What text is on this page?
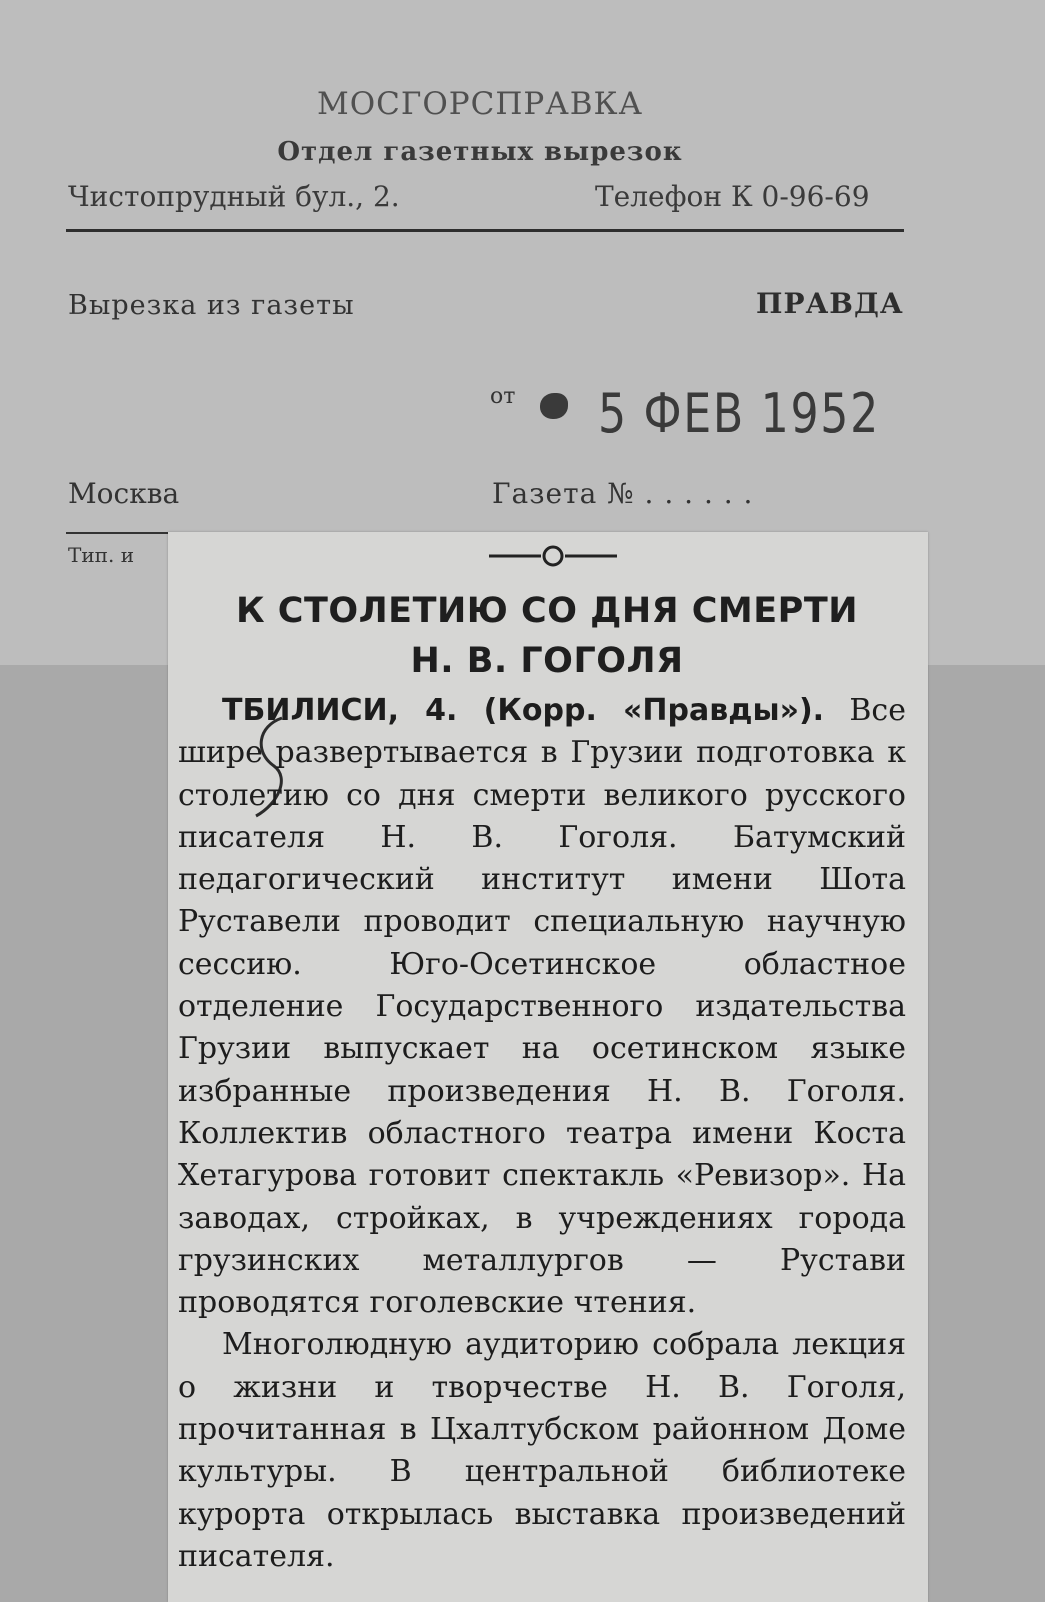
МОСГОРСПРАВКА
Отдел газетных вырезок
Чистопрудный бул., 2.	Телефон К 0-96-69
Вырезка из газеты	ПРАВДА
от 5 ФЕВ 1952
Москва	Газета № . . . . . .
Тип. и
К СТОЛЕТИЮ СО ДНЯ СМЕРТИ
Н. В. ГОГОЛЯ

ТБИЛИСИ, 4. (Корр. «Правды»). Все шире развертывается в Грузии подготовка к столетию со дня смерти великого русского писателя Н. В. Гоголя. Батумский педагогический институт имени Шота Руставели проводит специальную научную сессию. Юго-Осетинское областное отделение Государственного издательства Грузии выпускает на осетинском языке избранные произведения Н. В. Гоголя. Коллектив областного театра имени Коста Хетагурова готовит спектакль «Ревизор». На заводах, стройках, в учреждениях города грузинских металлургов — Рустави проводятся гоголевские чтения.

Многолюдную аудиторию собрала лекция о жизни и творчестве Н. В. Гоголя, прочитанная в Цхалтубском районном Доме культуры. В центральной библиотеке курорта открылась выставка произведений писателя.
